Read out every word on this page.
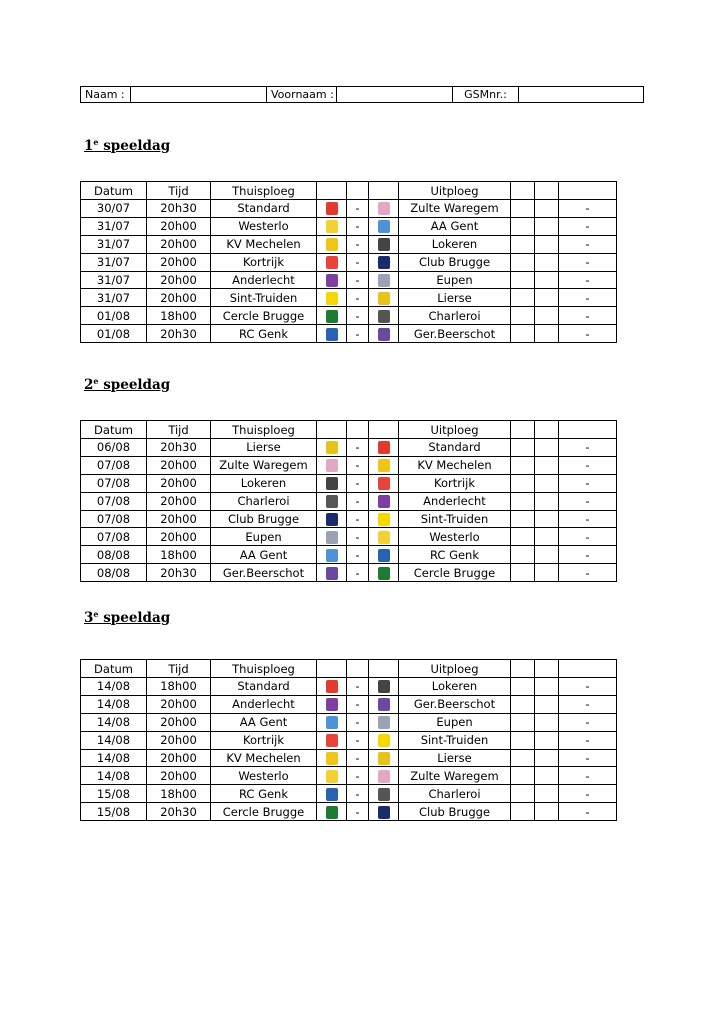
Naam :		Voornaam :		GSMnr.:	
1e speeldag
Datum	Tijd	Thuisploeg				Uitploeg			
30/07	20h30	Standard		-		Zulte Waregem			-
31/07	20h00	Westerlo		-		AA Gent			-
31/07	20h00	KV Mechelen		-		Lokeren			-
31/07	20h00	Kortrijk		-		Club Brugge			-
31/07	20h00	Anderlecht		-		Eupen			-
31/07	20h00	Sint-Truiden		-		Lierse			-
01/08	18h00	Cercle Brugge		-		Charleroi			-
01/08	20h30	RC Genk		-		Ger.Beerschot			-
2e speeldag
Datum	Tijd	Thuisploeg				Uitploeg			
06/08	20h30	Lierse		-		Standard			-
07/08	20h00	Zulte Waregem		-		KV Mechelen			-
07/08	20h00	Lokeren		-		Kortrijk			-
07/08	20h00	Charleroi		-		Anderlecht			-
07/08	20h00	Club Brugge		-		Sint-Truiden			-
07/08	20h00	Eupen		-		Westerlo			-
08/08	18h00	AA Gent		-		RC Genk			-
08/08	20h30	Ger.Beerschot		-		Cercle Brugge			-
3e speeldag
Datum	Tijd	Thuisploeg				Uitploeg			
14/08	18h00	Standard		-		Lokeren			-
14/08	20h00	Anderlecht		-		Ger.Beerschot			-
14/08	20h00	AA Gent		-		Eupen			-
14/08	20h00	Kortrijk		-		Sint-Truiden			-
14/08	20h00	KV Mechelen		-		Lierse			-
14/08	20h00	Westerlo		-		Zulte Waregem			-
15/08	18h00	RC Genk		-		Charleroi			-
15/08	20h30	Cercle Brugge		-		Club Brugge			-
